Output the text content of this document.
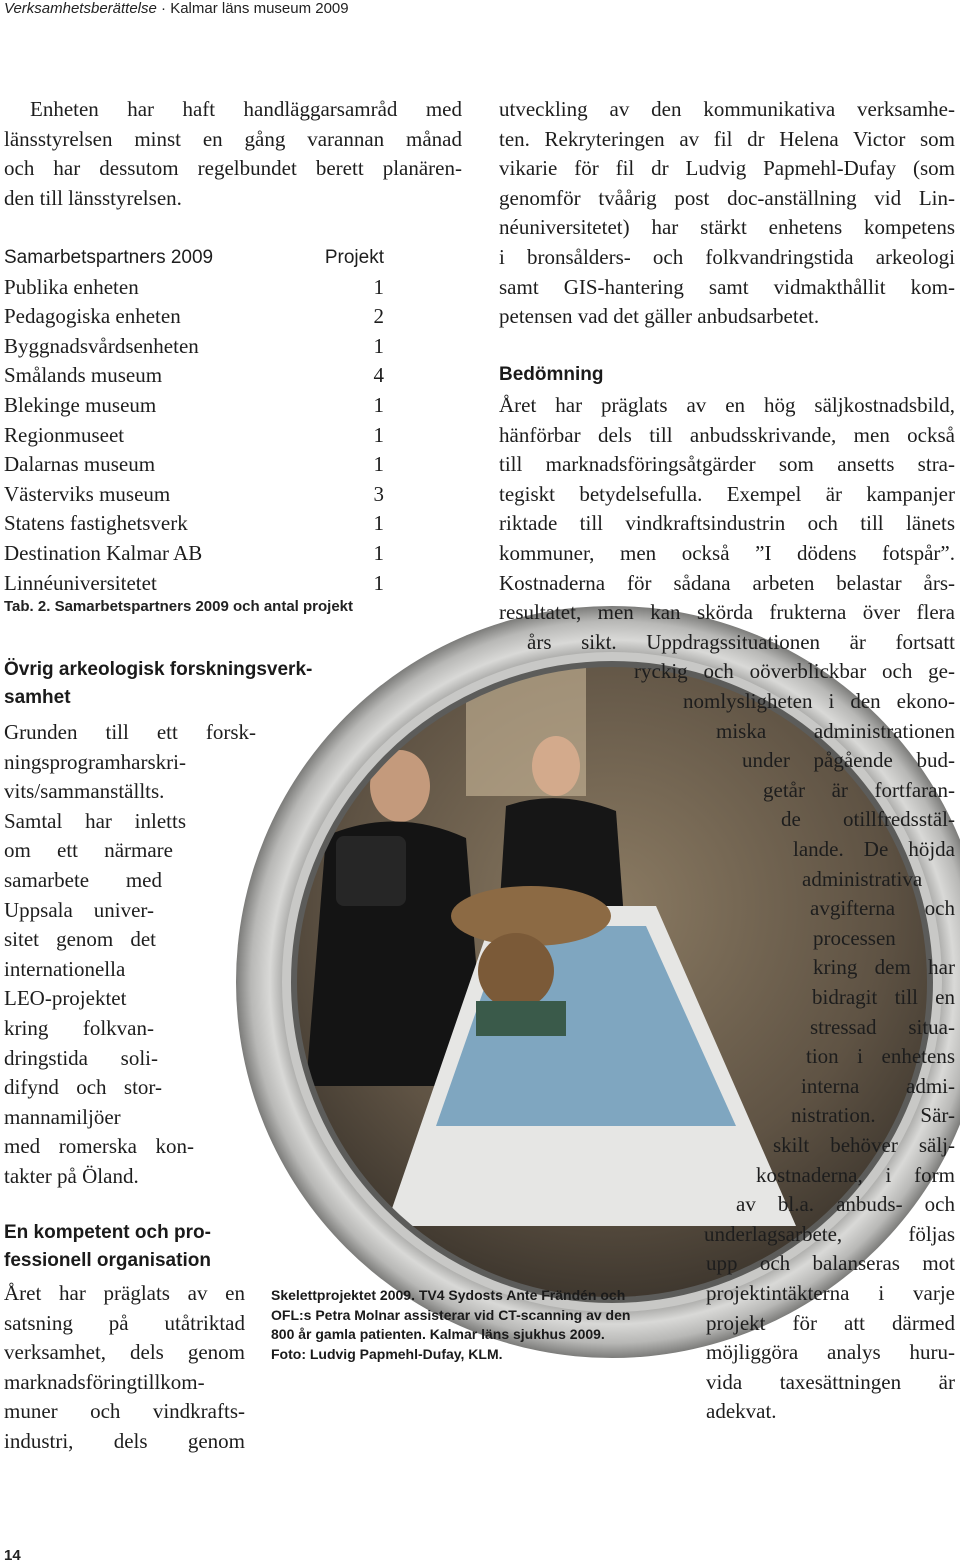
Verksamhetsberättelse · Kalmar läns museum 2009
Enheten har haft handläggarsamråd med
länsstyrelsen minst en gång varannan månad
och har dessutom regelbundet berett planären-
den till länsstyrelsen.
Samarbetspartners 2009	Projekt
Publika enheten	1
Pedagogiska enheten	2
Byggnadsvårdsenheten	1
Smålands museum	4
Blekinge museum	1
Regionmuseet	1
Dalarnas museum	1
Västerviks museum	3
Statens fastighetsverk	1
Destination Kalmar AB	1
Linnéuniversitetet	1
Tab. 2. Samarbetspartners 2009 och antal projekt
Övrig arkeologisk forskningsverk-
samhet
Grunden till ett forsk-
ningsprogramharskri-
vits/sammanställts.
Samtal har inletts
om ett närmare
samarbete med
Uppsala univer-
sitet genom det
internationella
LEO-projektet
kring folkvan-
dringstida soli-
difynd och stor-
mannamiljöer
med romerska kon-
takter på Öland.
En kompetent och pro-
fessionell organisation
Året har präglats av en
satsning på utåtriktad
verksamhet, dels genom
marknadsföringtillkom-
muner och vindkrafts-
industri, dels genom
utveckling av den kommunikativa verksamhe-
ten. Rekryteringen av fil dr Helena Victor som
vikarie för fil dr Ludvig Papmehl-Dufay (som
genomför tvåårig post doc-anställning vid Lin-
néuniversitetet) har stärkt enhetens kompetens
i bronsålders- och folkvandringstida arkeologi
samt GIS-hantering samt vidmakthållit kom-
petensen vad det gäller anbudsarbetet.
Bedömning
Året har präglats av en hög säljkostnadsbild,
hänförbar dels till anbudsskrivande, men också
till marknadsföringsåtgärder som ansetts stra-
tegiskt betydelsefulla. Exempel är kampanjer
riktade till vindkraftsindustrin och till länets
kommuner, men också ”I dödens fotspår”.
Kostnaderna för sådana arbeten belastar års-
resultatet, men kan skörda frukterna över flera
års sikt. Uppdragssituationen är fortsatt
ryckig och oöverblickbar och ge-
nomlysligheten i den ekono-
miska administrationen
under pågående bud-
getår är fortfaran-
de otillfredsstäl-
lande. De höjda
administrativa
avgifterna och
processen
kring dem har
bidragit till en
stressad situa-
tion i enhetens
interna admi-
nistration. Sär-
skilt behöver sälj-
kostnaderna, i form
av bl.a. anbuds- och
underlagsarbete, följas
upp och balanseras mot
projektintäkterna i varje
projekt för att därmed
möjliggöra analys huru-
vida taxesättningen är
adekvat.
Skelettprojektet 2009. TV4 Sydosts Ante Frändén och
OFL:s Petra Molnar assisterar vid CT-scanning av den
800 år gamla patienten. Kalmar läns sjukhus 2009.
Foto: Ludvig Papmehl-Dufay, KLM.
14
